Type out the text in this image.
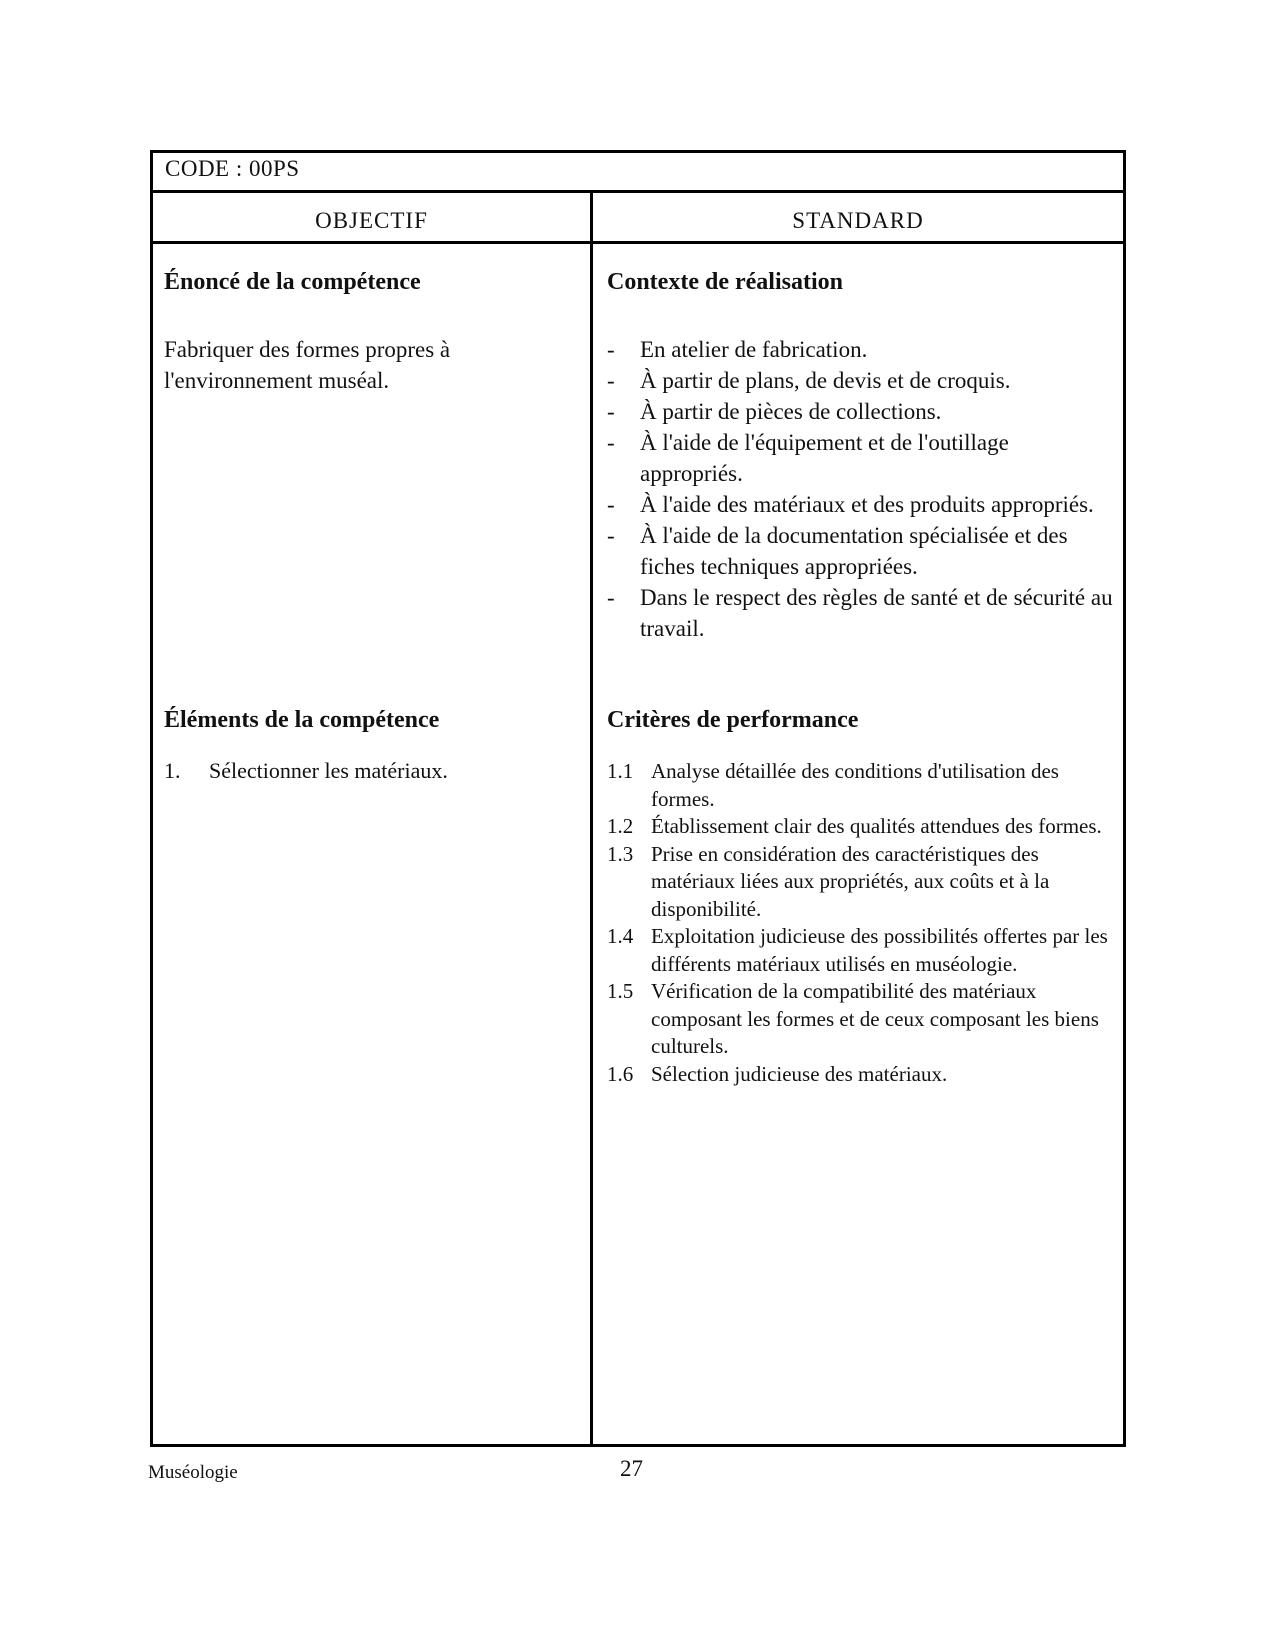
CODE : 00PS
OBJECTIF	STANDARD
Énoncé de la compétence
Fabriquer des formes propres à l'environnement muséal.
Éléments de la compétence
1. Sélectionner les matériaux.
Contexte de réalisation
- En atelier de fabrication.
- À partir de plans, de devis et de croquis.
- À partir de pièces de collections.
- À l'aide de l'équipement et de l'outillage appropriés.
- À l'aide des matériaux et des produits appropriés.
- À l'aide de la documentation spécialisée et des fiches techniques appropriées.
- Dans le respect des règles de santé et de sécurité au travail.
Critères de performance
1.1 Analyse détaillée des conditions d'utilisation des formes.
1.2 Établissement clair des qualités attendues des formes.
1.3 Prise en considération des caractéristiques des matériaux liées aux propriétés, aux coûts et à la disponibilité.
1.4 Exploitation judicieuse des possibilités offertes par les différents matériaux utilisés en muséologie.
1.5 Vérification de la compatibilité des matériaux composant les formes et de ceux composant les biens culturels.
1.6 Sélection judicieuse des matériaux.
Muséologie	27
